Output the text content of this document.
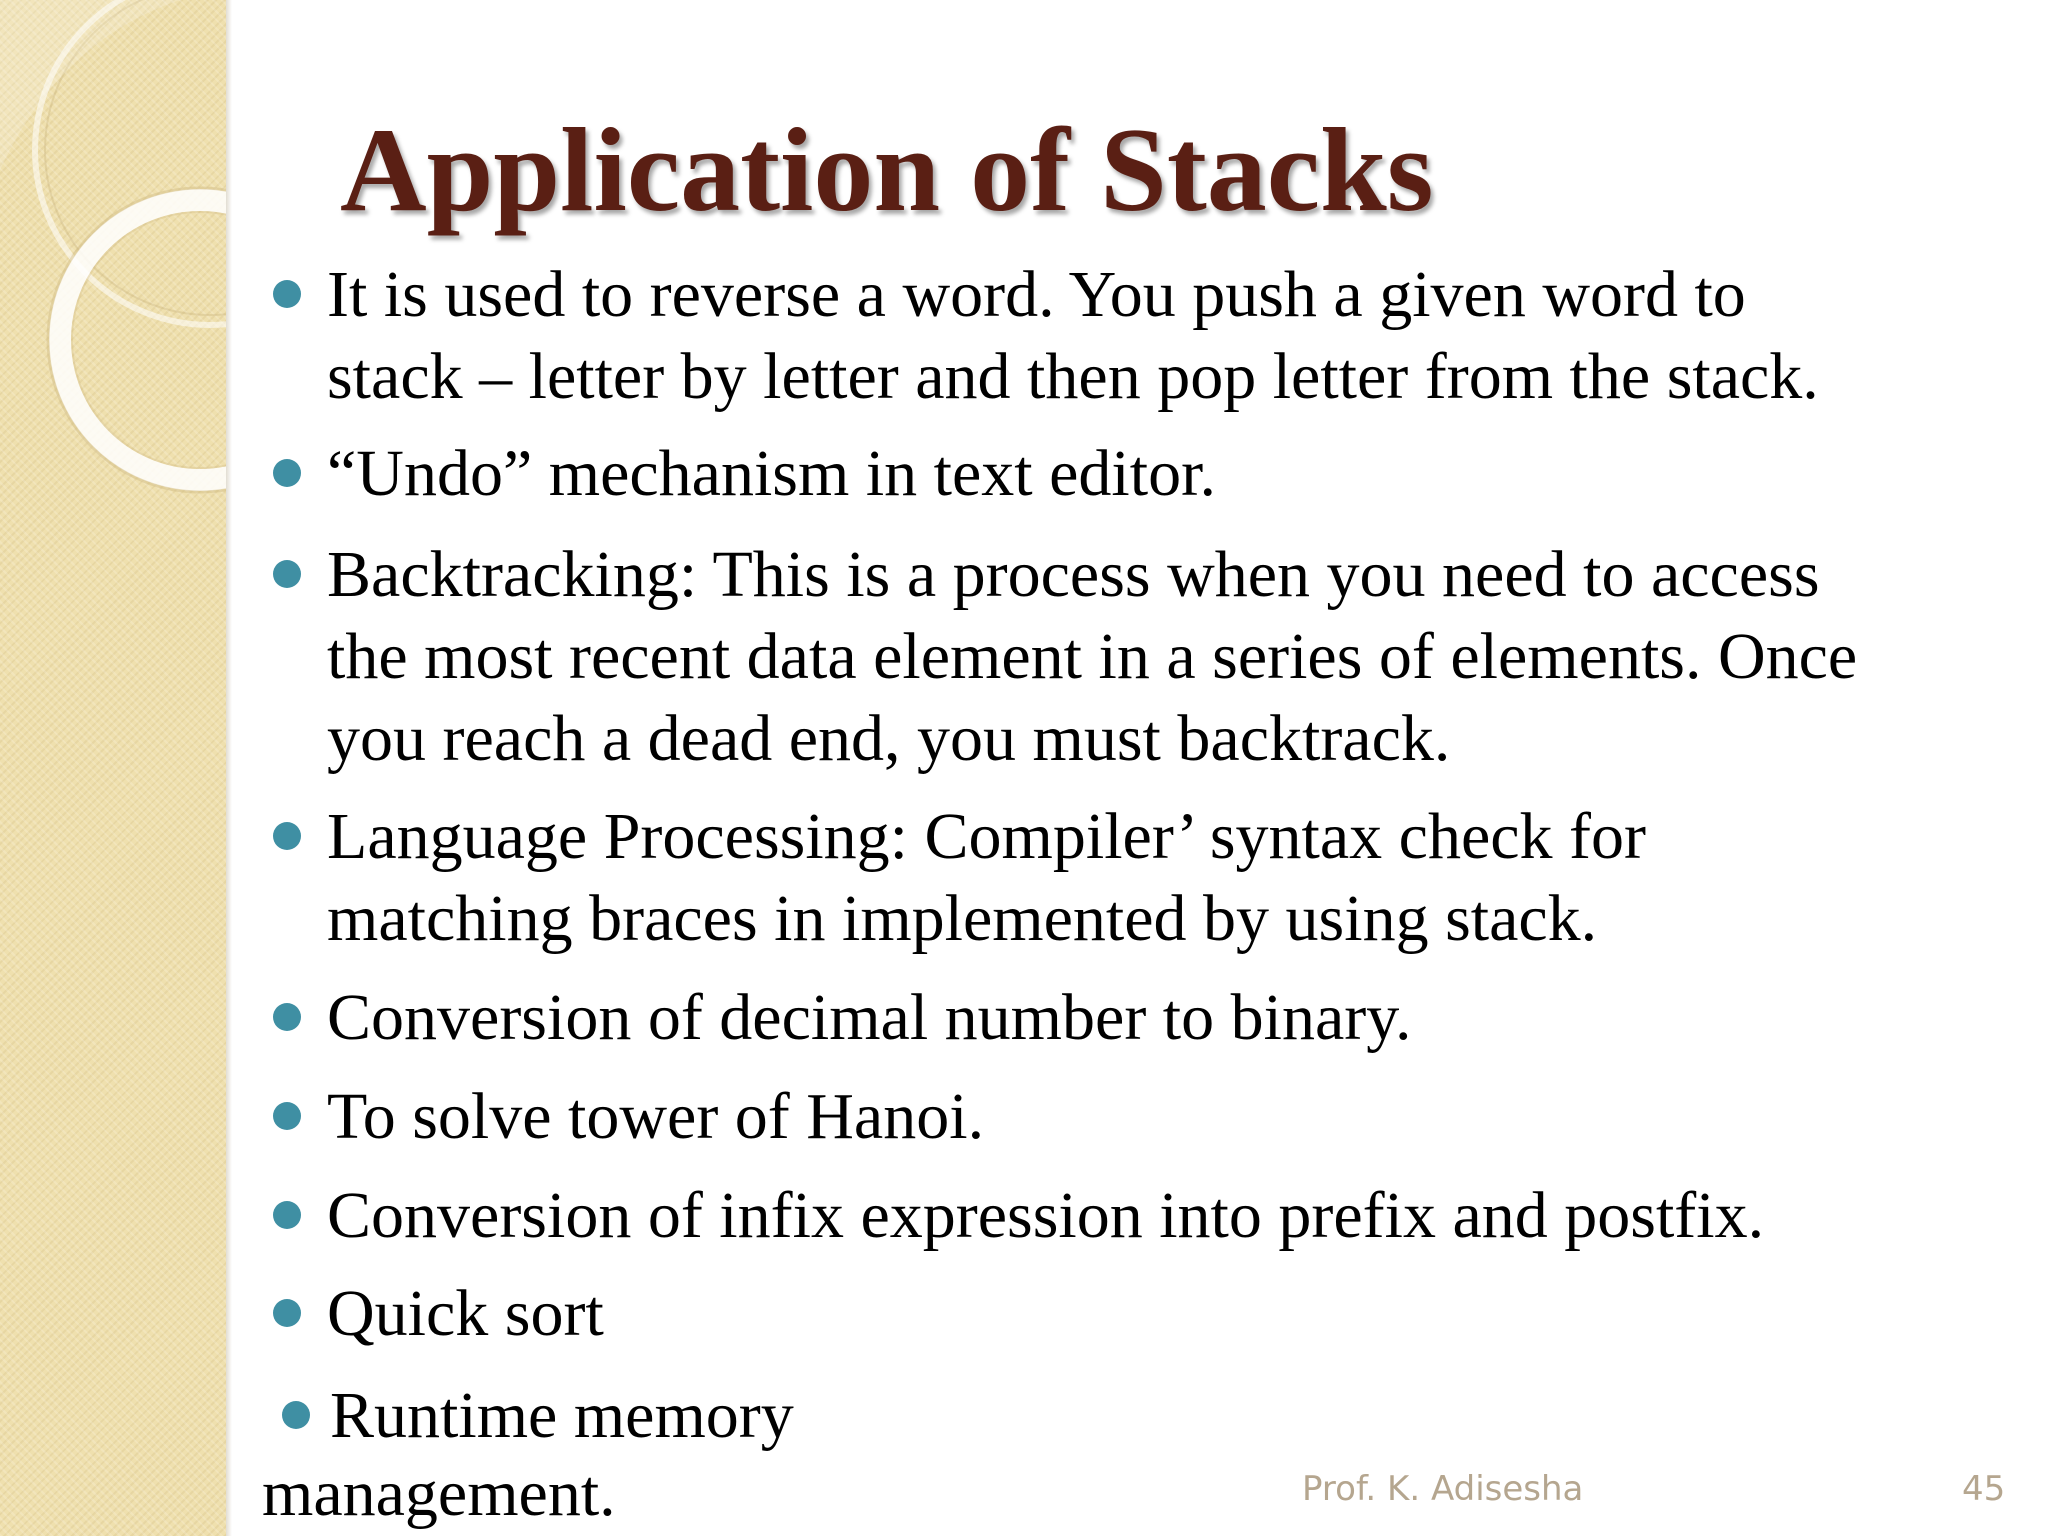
Application of Stacks
It is used to reverse a word. You push a given word to stack – letter by letter and then pop letter from the stack.
“Undo” mechanism in text editor.
Backtracking: This is a process when you need to access the most recent data element in a series of elements. Once you reach a dead end, you must backtrack.
Language Processing: Compiler’ syntax check for matching braces in implemented by using stack.
Conversion of decimal number to binary.
To solve tower of Hanoi.
Conversion of infix expression into prefix and postfix.
Quick sort
Runtime memory
management.	Prof. K. Adisesha	45
